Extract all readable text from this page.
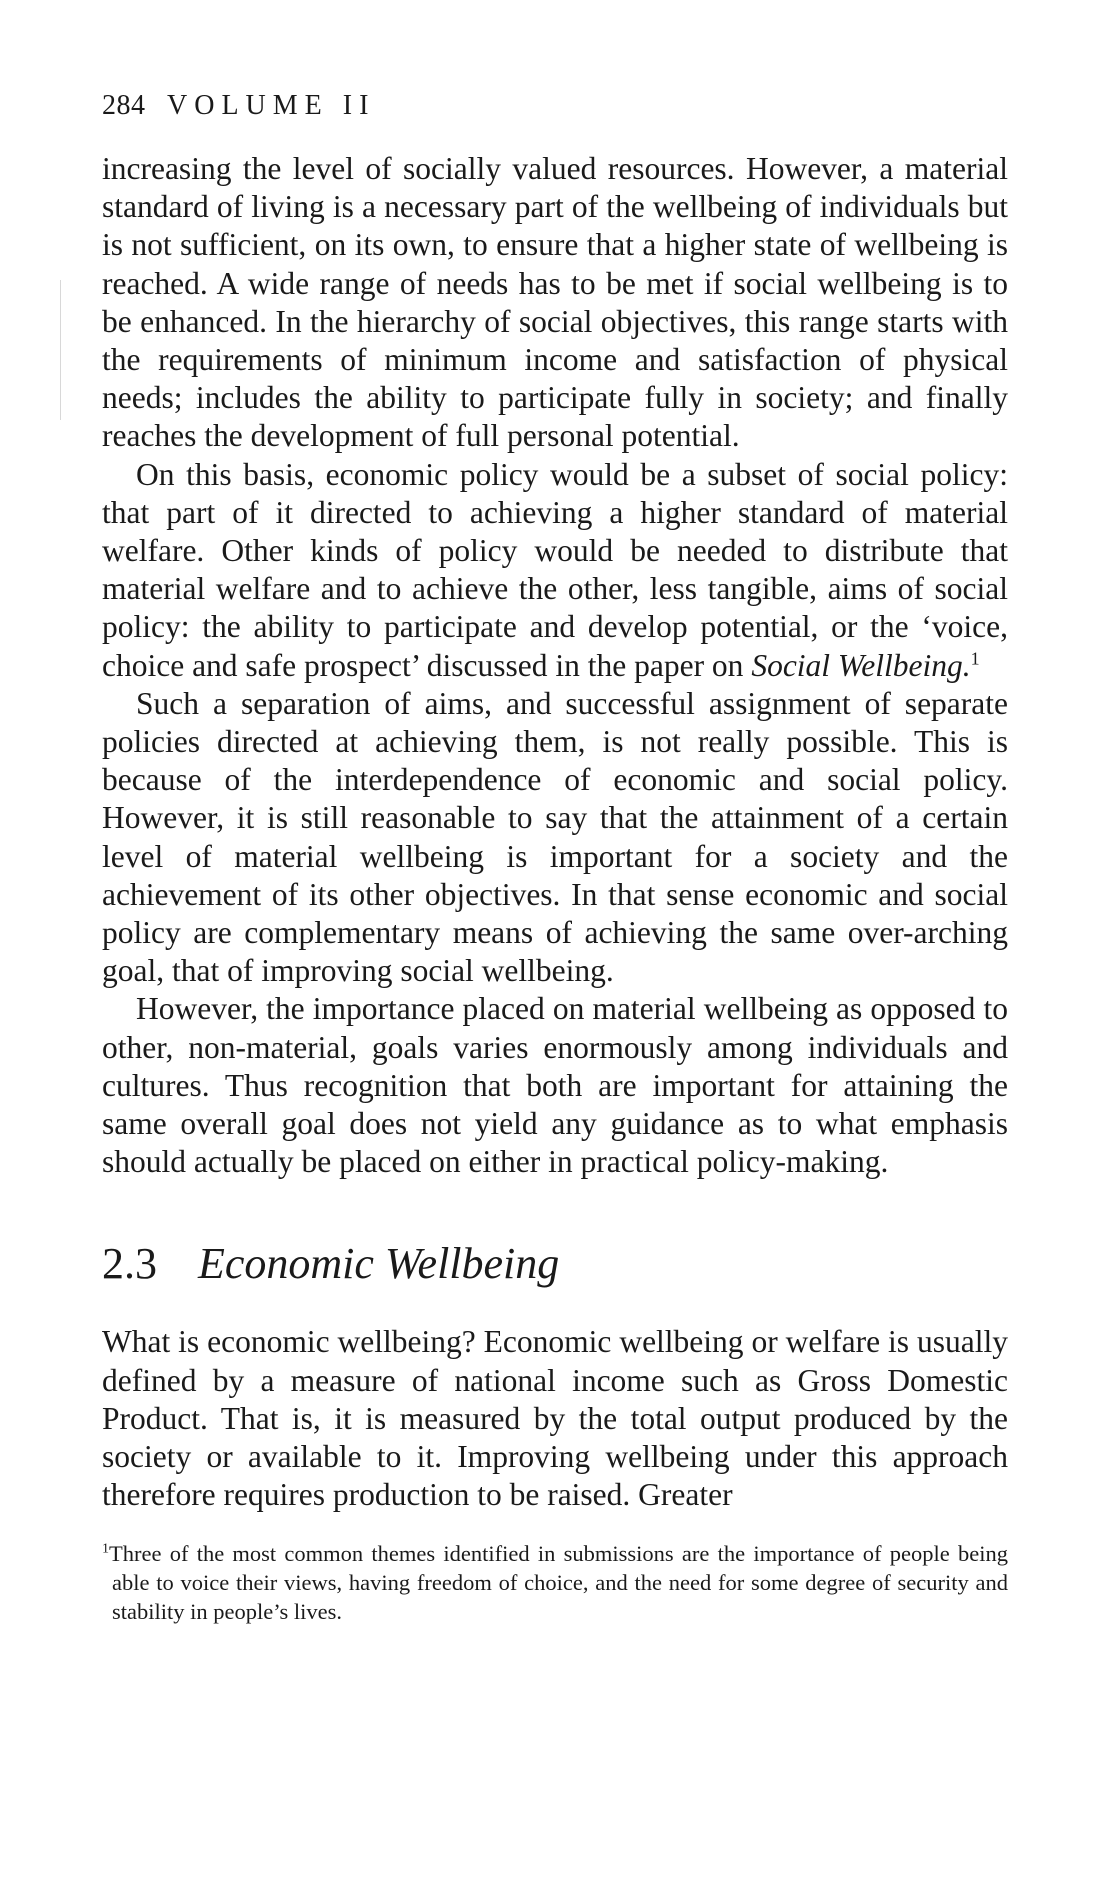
284 VOLUME II

increasing the level of socially valued resources. However, a material standard of living is a necessary part of the wellbeing of individuals but is not sufficient, on its own, to ensure that a higher state of wellbeing is reached. A wide range of needs has to be met if social wellbeing is to be enhanced. In the hierarchy of social objectives, this range starts with the requirements of minimum income and satisfaction of physical needs; includes the ability to participate fully in society; and finally reaches the development of full personal potential.

On this basis, economic policy would be a subset of social policy: that part of it directed to achieving a higher standard of material welfare. Other kinds of policy would be needed to distribute that material welfare and to achieve the other, less tangible, aims of social policy: the ability to participate and develop potential, or the ‘voice, choice and safe prospect’ discussed in the paper on Social Wellbeing.$^1$

Such a separation of aims, and successful assignment of separate policies directed at achieving them, is not really possible. This is because of the interdependence of economic and social policy. However, it is still reasonable to say that the attainment of a certain level of material wellbeing is important for a society and the achievement of its other objectives. In that sense economic and social policy are complementary means of achieving the same over-arching goal, that of improving social wellbeing.

However, the importance placed on material wellbeing as opposed to other, non-material, goals varies enormously among individuals and cultures. Thus recognition that both are important for attaining the same overall goal does not yield any guidance as to what emphasis should actually be placed on either in practical policy-making.

2.3 Economic Wellbeing

What is economic wellbeing? Economic wellbeing or welfare is usually defined by a measure of national income such as Gross Domestic Product. That is, it is measured by the total output produced by the society or available to it. Improving wellbeing under this approach therefore requires production to be raised. Greater

$^1$Three of the most common themes identified in submissions are the importance of people being able to voice their views, having freedom of choice, and the need for some degree of security and stability in people’s lives.
